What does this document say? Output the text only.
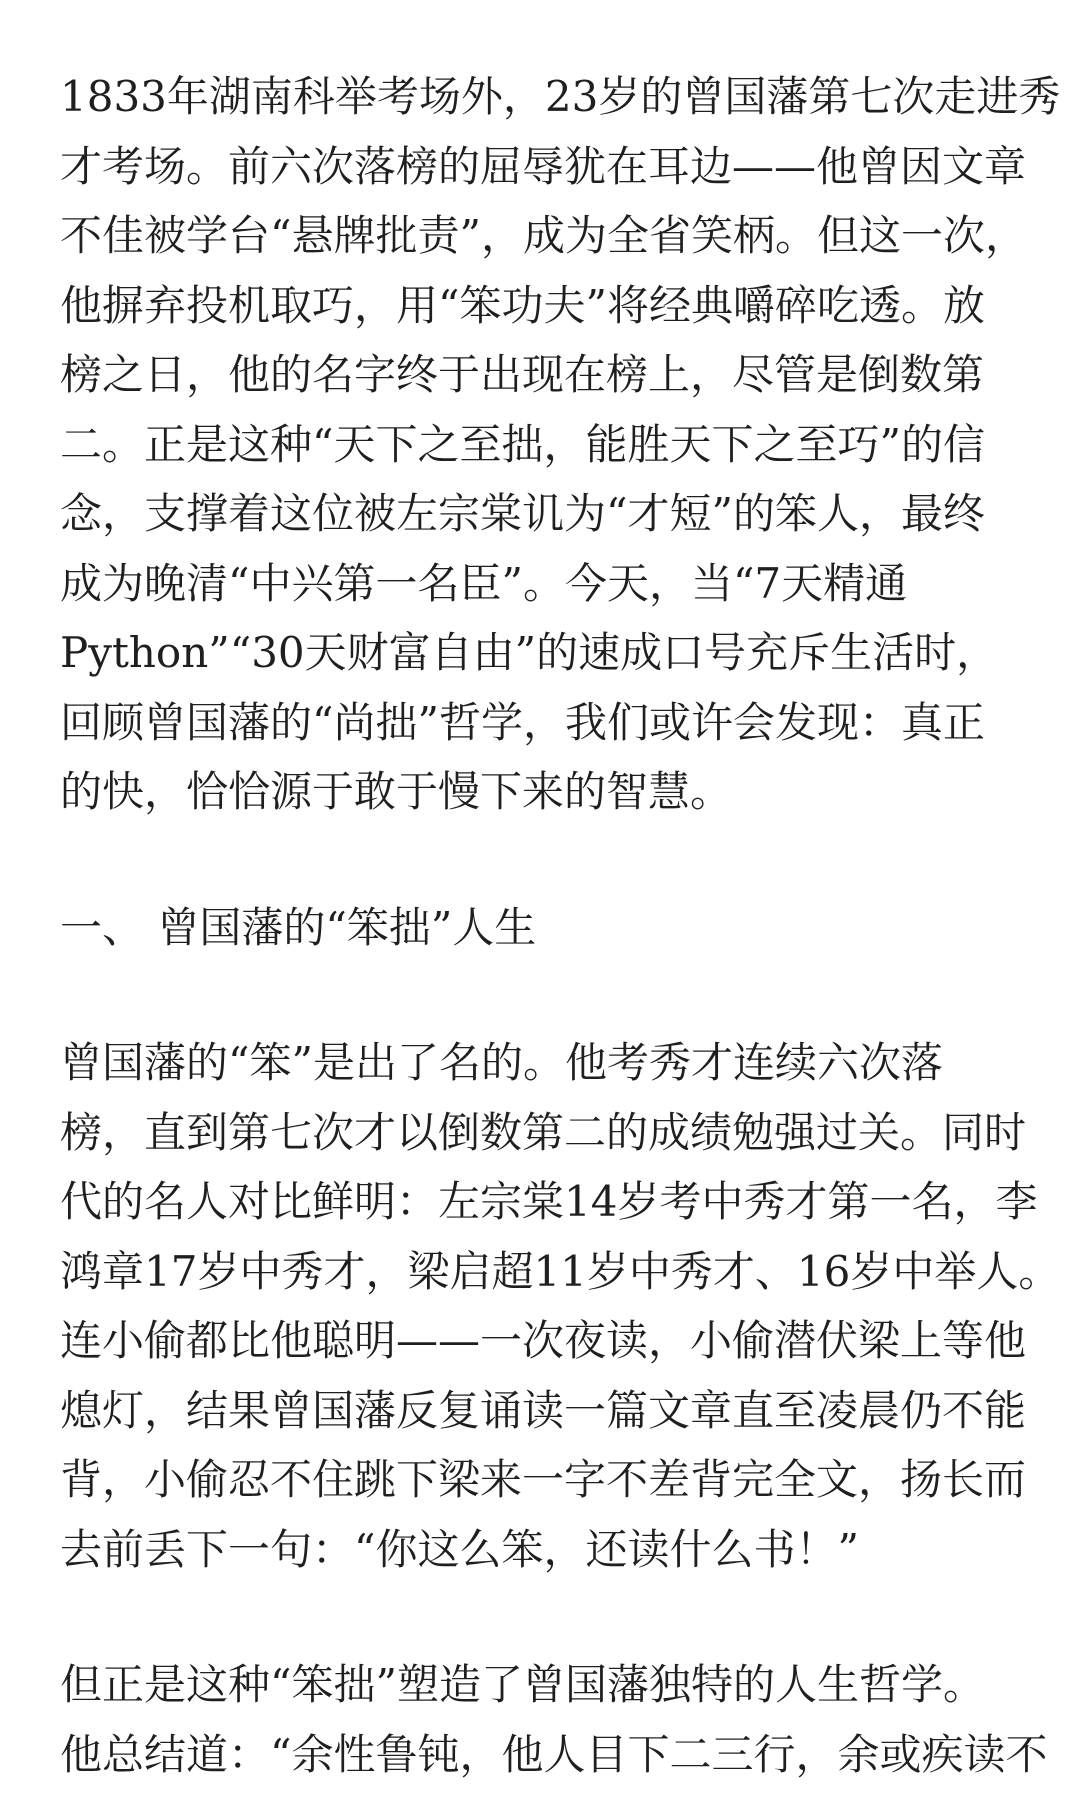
1833年湖南科举考场外，23岁的曾国藩第七次走进秀
才考场。前六次落榜的屈辱犹在耳边——他曾因文章
不佳被学台“悬牌批责”，成为全省笑柄。但这一次，
他摒弃投机取巧，用“笨功夫”将经典嚼碎吃透。放
榜之日，他的名字终于出现在榜上，尽管是倒数第
二。正是这种“天下之至拙，能胜天下之至巧”的信
念，支撑着这位被左宗棠讥为“才短”的笨人，最终
成为晚清“中兴第一名臣”。今天，当“7天精通
Python”“30天财富自由”的速成口号充斥生活时，
回顾曾国藩的“尚拙”哲学，我们或许会发现：真正
的快，恰恰源于敢于慢下来的智慧。
一、 曾国藩的“笨拙”人生
曾国藩的“笨”是出了名的。他考秀才连续六次落
榜，直到第七次才以倒数第二的成绩勉强过关。同时
代的名人对比鲜明：左宗棠14岁考中秀才第一名，李
鸿章17岁中秀才，梁启超11岁中秀才、16岁中举人。
连小偷都比他聪明——一次夜读，小偷潜伏梁上等他
熄灯，结果曾国藩反复诵读一篇文章直至凌晨仍不能
背，小偷忍不住跳下梁来一字不差背完全文，扬长而
去前丢下一句：“你这么笨，还读什么书！”
但正是这种“笨拙”塑造了曾国藩独特的人生哲学。
他总结道：“余性鲁钝，他人目下二三行，余或疾读不
